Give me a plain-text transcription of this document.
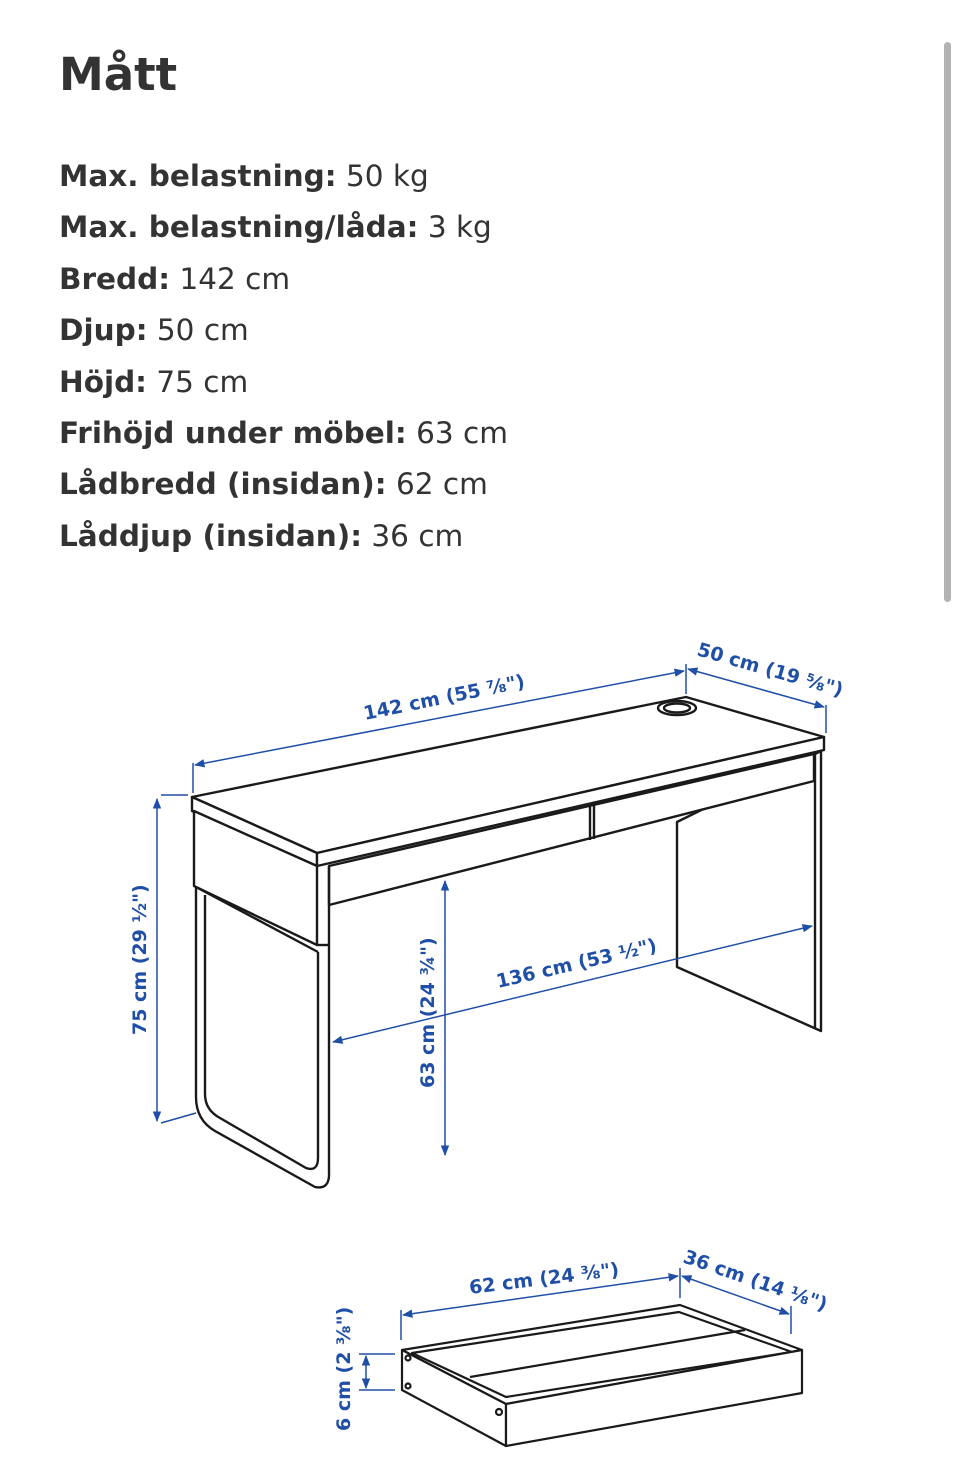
Mått
Max. belastning: 50 kg
Max. belastning/låda: 3 kg
Bredd: 142 cm
Djup: 50 cm
Höjd: 75 cm
Frihöjd under möbel: 63 cm
Lådbredd (insidan): 62 cm
Låddjup (insidan): 36 cm
142 cm (55 ⅞")	50 cm (19 ⅝")
75 cm (29 ½")	63 cm (24 ¾")	136 cm (53 ½")
62 cm (24 ⅜")	36 cm (14 ⅛")
6 cm (2 ⅜")
